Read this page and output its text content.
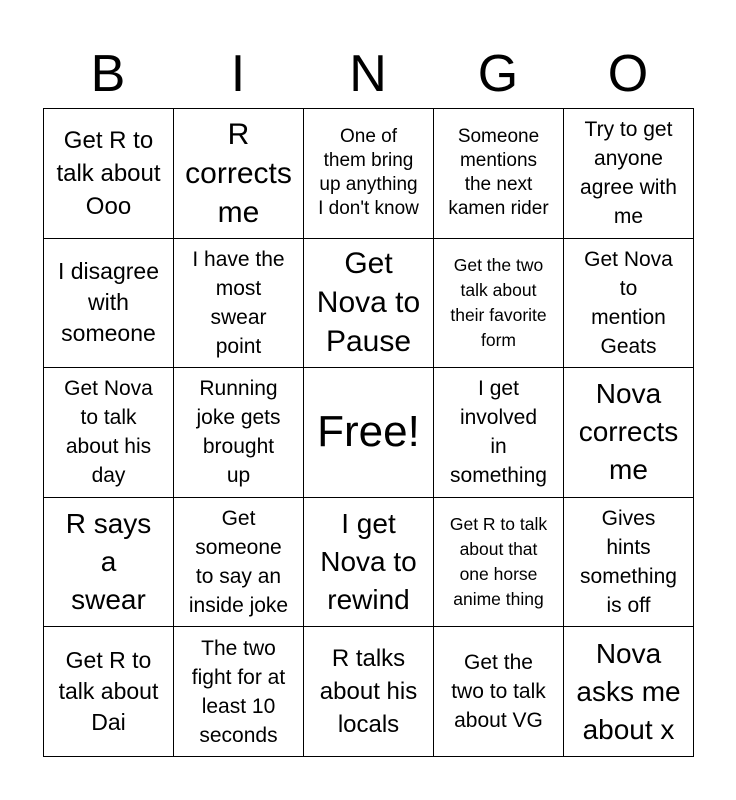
B	I	N	G	O
Get R to
talk about
Ooo
R
corrects
me
One of
them bring
up anything
I don't know
Someone
mentions
the next
kamen rider
Try to get
anyone
agree with
me
I disagree
with
someone
I have the
most
swear
point
Get
Nova to
Pause
Get the two
talk about
their favorite
form
Get Nova
to
mention
Geats
Get Nova
to talk
about his
day
Running
joke gets
brought
up
Free!
I get
involved
in
something
Nova
corrects
me
R says
a
swear
Get
someone
to say an
inside joke
I get
Nova to
rewind
Get R to talk
about that
one horse
anime thing
Gives
hints
something
is off
Get R to
talk about
Dai
The two
fight for at
least 10
seconds
R talks
about his
locals
Get the
two to talk
about VG
Nova
asks me
about x
